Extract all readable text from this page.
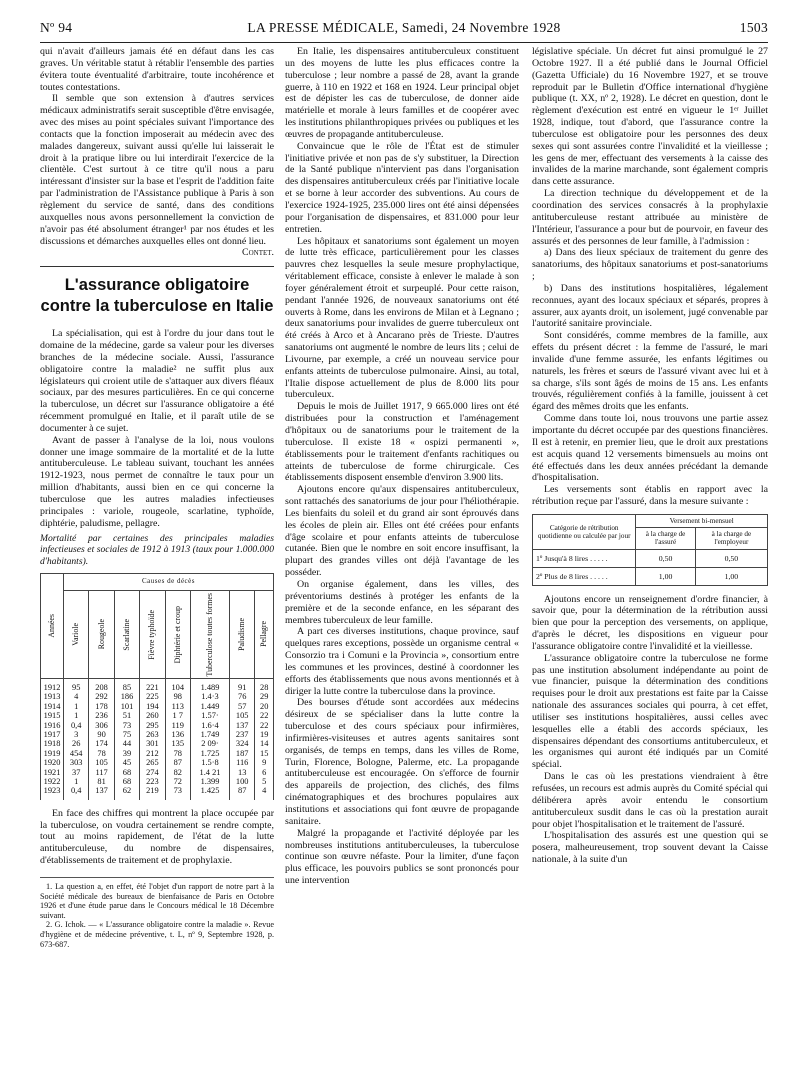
Nº 94	LA PRESSE MÉDICALE, Samedi, 24 Novembre 1928	1503

qui n'avait d'ailleurs jamais été en défaut dans les cas graves. Un véritable statut à rétablir l'ensemble des parties évitera toute éventualité d'arbitraire, toute incohérence et toutes contestations.

Il semble que son extension à d'autres services médicaux administratifs serait susceptible d'être envisagée, avec des mises au point spéciales suivant l'importance des contacts que la fonction imposerait au médecin avec des malades dangereux, suivant aussi qu'elle lui laisserait le droit à la pratique libre ou lui interdirait l'exercice de la clientèle. C'est surtout à ce titre qu'il nous a paru intéressant d'insister sur la base et l'esprit de l'addition faite par l'administration de l'Assistance publique à Paris à son règlement du service de santé, dans des conditions auxquelles nous avons personnellement la conviction de n'avoir pas été absolument étranger¹ par nos études et les discussions et démarches auxquelles elles ont donné lieu.

Contet.

L'assurance obligatoire contre la tuberculose en Italie

La spécialisation, qui est à l'ordre du jour dans tout le domaine de la médecine, garde sa valeur pour les diverses branches de la médecine sociale. Aussi, l'assurance obligatoire contre la maladie² ne suffit plus aux législateurs qui croient utile de s'attaquer aux divers fléaux sociaux, par des mesures particulières. En ce qui concerne la tuberculose, un décret sur l'assurance obligatoire a été récemment promulgué en Italie, et il paraît utile de se documenter à ce sujet.

Avant de passer à l'analyse de la loi, nous voulons donner une image sommaire de la mortalité et de la lutte antituberculeuse. Le tableau suivant, touchant les années 1912-1923, nous permet de connaître le taux pour un million d'habitants, aussi bien en ce qui concerne la tuberculose que les autres maladies infectieuses principales : variole, rougeole, scarlatine, typhoïde, diphtérie, paludisme, pellagre.

Mortalité par certaines des principales maladies infectieuses et sociales de 1912 à 1913 (taux pour 1.000.000 d'habitants).

Années	Causes de décès							

	Variole	Rougeole	Scarlatine	Fièvre typhoïde	Diphtérie et croup	Tuberculose toutes formes	Paludisme	Pellagre

1912	95	208	85	221	104	1.489	91	28
1913	4	292	186	225	98	1.4·3	76	29
1914	1	178	101	194	113	1.449	57	20
1915	1	236	51	260	1 7	1.57·	105	22
1916	0,4	306	73	295	119	1.6·4	137	22
1917	3	90	75	263	136	1.749	237	19
1918	26	174	44	301	135	2 09·	324	14
1919	454	78	39	212	78	1.725	187	15
1920	303	105	45	265	87	1.5·8	116	9
1921	37	117	68	274	82	1.4 21	13	6
1922	1	81	68	223	72	1.399	100	5
1923	0,4	137	62	219	73	1.425	87	4

En face des chiffres qui montrent la place occupée par la tuberculose, on voudra certainement se rendre compte, tout au moins rapidement, de l'état de la lutte antituberculeuse, du nombre de dispensaires, d'établissements de traitement et de prophylaxie.

1. La question a, en effet, été l'objet d'un rapport de notre part à la Société médicale des bureaux de bienfaisance de Paris en Octobre 1926 et d'une étude parue dans le Concours médical le 18 Décembre suivant.

2. G. Ichok. — « L'assurance obligatoire contre la maladie ». Revue d'hygiène et de médecine préventive, t. L, nº 9, Septembre 1928, p. 673-687.

En Italie, les dispensaires antituberculeux constituent un des moyens de lutte les plus efficaces contre la tuberculose ; leur nombre a passé de 28, avant la grande guerre, à 110 en 1922 et 168 en 1924. Leur principal objet est de dépister les cas de tuberculose, de donner aide matérielle et morale à leurs familles et de coopérer avec les institutions philanthropiques privées ou publiques et les œuvres de propagande antituberculeuse.

Convaincue que le rôle de l'État est de stimuler l'initiative privée et non pas de s'y substituer, la Direction de la Santé publique n'intervient pas dans l'organisation des dispensaires antituberculeux créés par l'initiative locale et se borne à leur accorder des subventions. Au cours de l'exercice 1924-1925, 235.000 lires ont été ainsi dépensées pour l'organisation de dispensaires, et 831.000 pour leur entretien.

Les hôpitaux et sanatoriums sont également un moyen de lutte très efficace, particulièrement pour les classes pauvres chez lesquelles la seule mesure prophylactique, véritablement efficace, consiste à enlever le malade à son foyer généralement étroit et surpeuplé. Pour cette raison, pendant l'année 1926, de nouveaux sanatoriums ont été ouverts à Rome, dans les environs de Milan et à Legnano ; deux sanatoriums pour invalides de guerre tuberculeux ont été créés à Arco et à Ancarano près de Trieste. D'autres sanatoriums ont augmenté le nombre de leurs lits ; celui de Livourne, par exemple, a créé un nouveau service pour enfants atteints de tuberculose pulmonaire. Ainsi, au total, l'Italie dispose actuellement de plus de 8.000 lits pour tuberculeux.

Depuis le mois de Juillet 1917, 9 665.000 lires ont été distribuées pour la construction et l'aménagement d'hôpitaux ou de sanatoriums pour le traitement de la tuberculose. Il existe 18 « ospizi permanenti », établissements pour le traitement d'enfants rachitiques ou atteints de tuberculose de forme chirurgicale. Ces établissements disposent ensemble d'environ 3.900 lits.

Ajoutons encore qu'aux dispensaires antituberculeux, sont rattachés des sanatoriums de jour pour l'héliothérapie. Les bienfaits du soleil et du grand air sont éprouvés dans les écoles de plein air. Elles ont été créées pour enfants d'âge scolaire et pour enfants atteints de tuberculose cutanée. Bien que le nombre en soit encore insuffisant, la plupart des grandes villes ont déjà l'avantage de les posséder.

On organise également, dans les villes, des préventoriums destinés à protéger les enfants de la première et de la seconde enfance, en les séparant des membres tuberculeux de leur famille.

A part ces diverses institutions, chaque province, sauf quelques rares exceptions, possède un organisme central « Consorzio tra i Comuni e la Provincia », consortium entre les communes et les provinces, destiné à coordonner les efforts des établissements que nous avons mentionnés et à diriger la lutte contre la tuberculose dans la province.

Des bourses d'étude sont accordées aux médecins désireux de se spécialiser dans la lutte contre la tuberculose et des cours spéciaux pour infirmières, infirmières-visiteuses et autres agents sanitaires sont organisés, de temps en temps, dans les villes de Rome, Turin, Florence, Bologne, Palerme, etc. La propagande antituberculeuse est encouragée. On s'efforce de fournir des appareils de projection, des clichés, des films cinématographiques et des brochures populaires aux institutions et associations qui font œuvre de propagande sanitaire.

Malgré la propagande et l'activité déployée par les nombreuses institutions antituberculeuses, la tuberculose continue son œuvre néfaste. Pour la limiter, d'une façon plus efficace, les pouvoirs publics se sont prononcés pour une intervention

législative spéciale. Un décret fut ainsi promulgué le 27 Octobre 1927. Il a été publié dans le Journal Officiel (Gazetta Ufficiale) du 16 Novembre 1927, et se trouve reproduit par le Bulletin d'Office international d'hygiène publique (t. XX, nº 2, 1928). Le décret en question, dont le règlement d'exécution est entré en vigueur le 1ᵉʳ Juillet 1928, indique, tout d'abord, que l'assurance contre la tuberculose est obligatoire pour les personnes des deux sexes qui sont assurées contre l'invalidité et la vieillesse ; les gens de mer, effectuant des versements à la caisse des invalides de la marine marchande, sont également compris dans cette assurance.

La direction technique du développement et de la coordination des services consacrés à la prophylaxie antituberculeuse restant attribuée au ministère de l'Intérieur, l'assurance a pour but de pourvoir, en faveur des assurés et des personnes de leur famille, à l'admission :

a) Dans des lieux spéciaux de traitement du genre des sanatoriums, des hôpitaux sanatoriums et post-sanatoriums ;

b) Dans des institutions hospitalières, légalement reconnues, ayant des locaux spéciaux et séparés, propres à assurer, aux ayants droit, un isolement, jugé convenable par l'autorité sanitaire provinciale.

Sont considérés, comme membres de la famille, aux effets du présent décret : la femme de l'assuré, le mari invalide d'une femme assurée, les enfants légitimes ou naturels, les frères et sœurs de l'assuré vivant avec lui et à sa charge, s'ils sont âgés de moins de 15 ans. Les enfants trouvés, régulièrement confiés à la famille, jouissent à cet égard des mêmes droits que les enfants.

Comme dans toute loi, nous trouvons une partie assez importante du décret occupée par des questions financières. Il est à retenir, en premier lieu, que le droit aux prestations est acquis quand 12 versements bimensuels au moins ont été effectués dans les deux années précédant la demande d'hospitalisation.

Les versements sont établis en rapport avec la rétribution reçue par l'assuré, dans la mesure suivante :

Catégorie de rétribution quotidienne ou calculée par jour	Versement bi-mensuel	
	à la charge de l'assuré	à la charge de l'employeur
1º Jusqu'à 8 lires . . . . .	0,50	0,50
2º Plus de 8 lires . . . . .	1,00	1,00

Ajoutons encore un renseignement d'ordre financier, à savoir que, pour la détermination de la rétribution aussi bien que pour la perception des versements, on applique, d'après le décret, les dispositions en vigueur pour l'assurance obligatoire contre l'invalidité et la vieillesse.

L'assurance obligatoire contre la tuberculose ne forme pas une institution absolument indépendante au point de vue financier, puisque la détermination des conditions requises pour le droit aux prestations est faite par la Caisse nationale des assurances sociales qui pourra, à cet effet, utiliser ses institutions hospitalières, aussi celles avec lesquelles elle a établi des accords spéciaux, les dispensaires dépendant des consortiums antituberculeux, et les organismes qui auront été indiqués par un Comité spécial.

Dans le cas où les prestations viendraient à être refusées, un recours est admis auprès du Comité spécial qui délibérera après avoir entendu le consortium antituberculeux susdit dans le cas où la prestation aurait pour objet l'hospitalisation et le traitement de l'assuré.

L'hospitalisation des assurés est une question qui se posera, malheureusement, trop souvent devant la Caisse nationale, à la suite d'un
